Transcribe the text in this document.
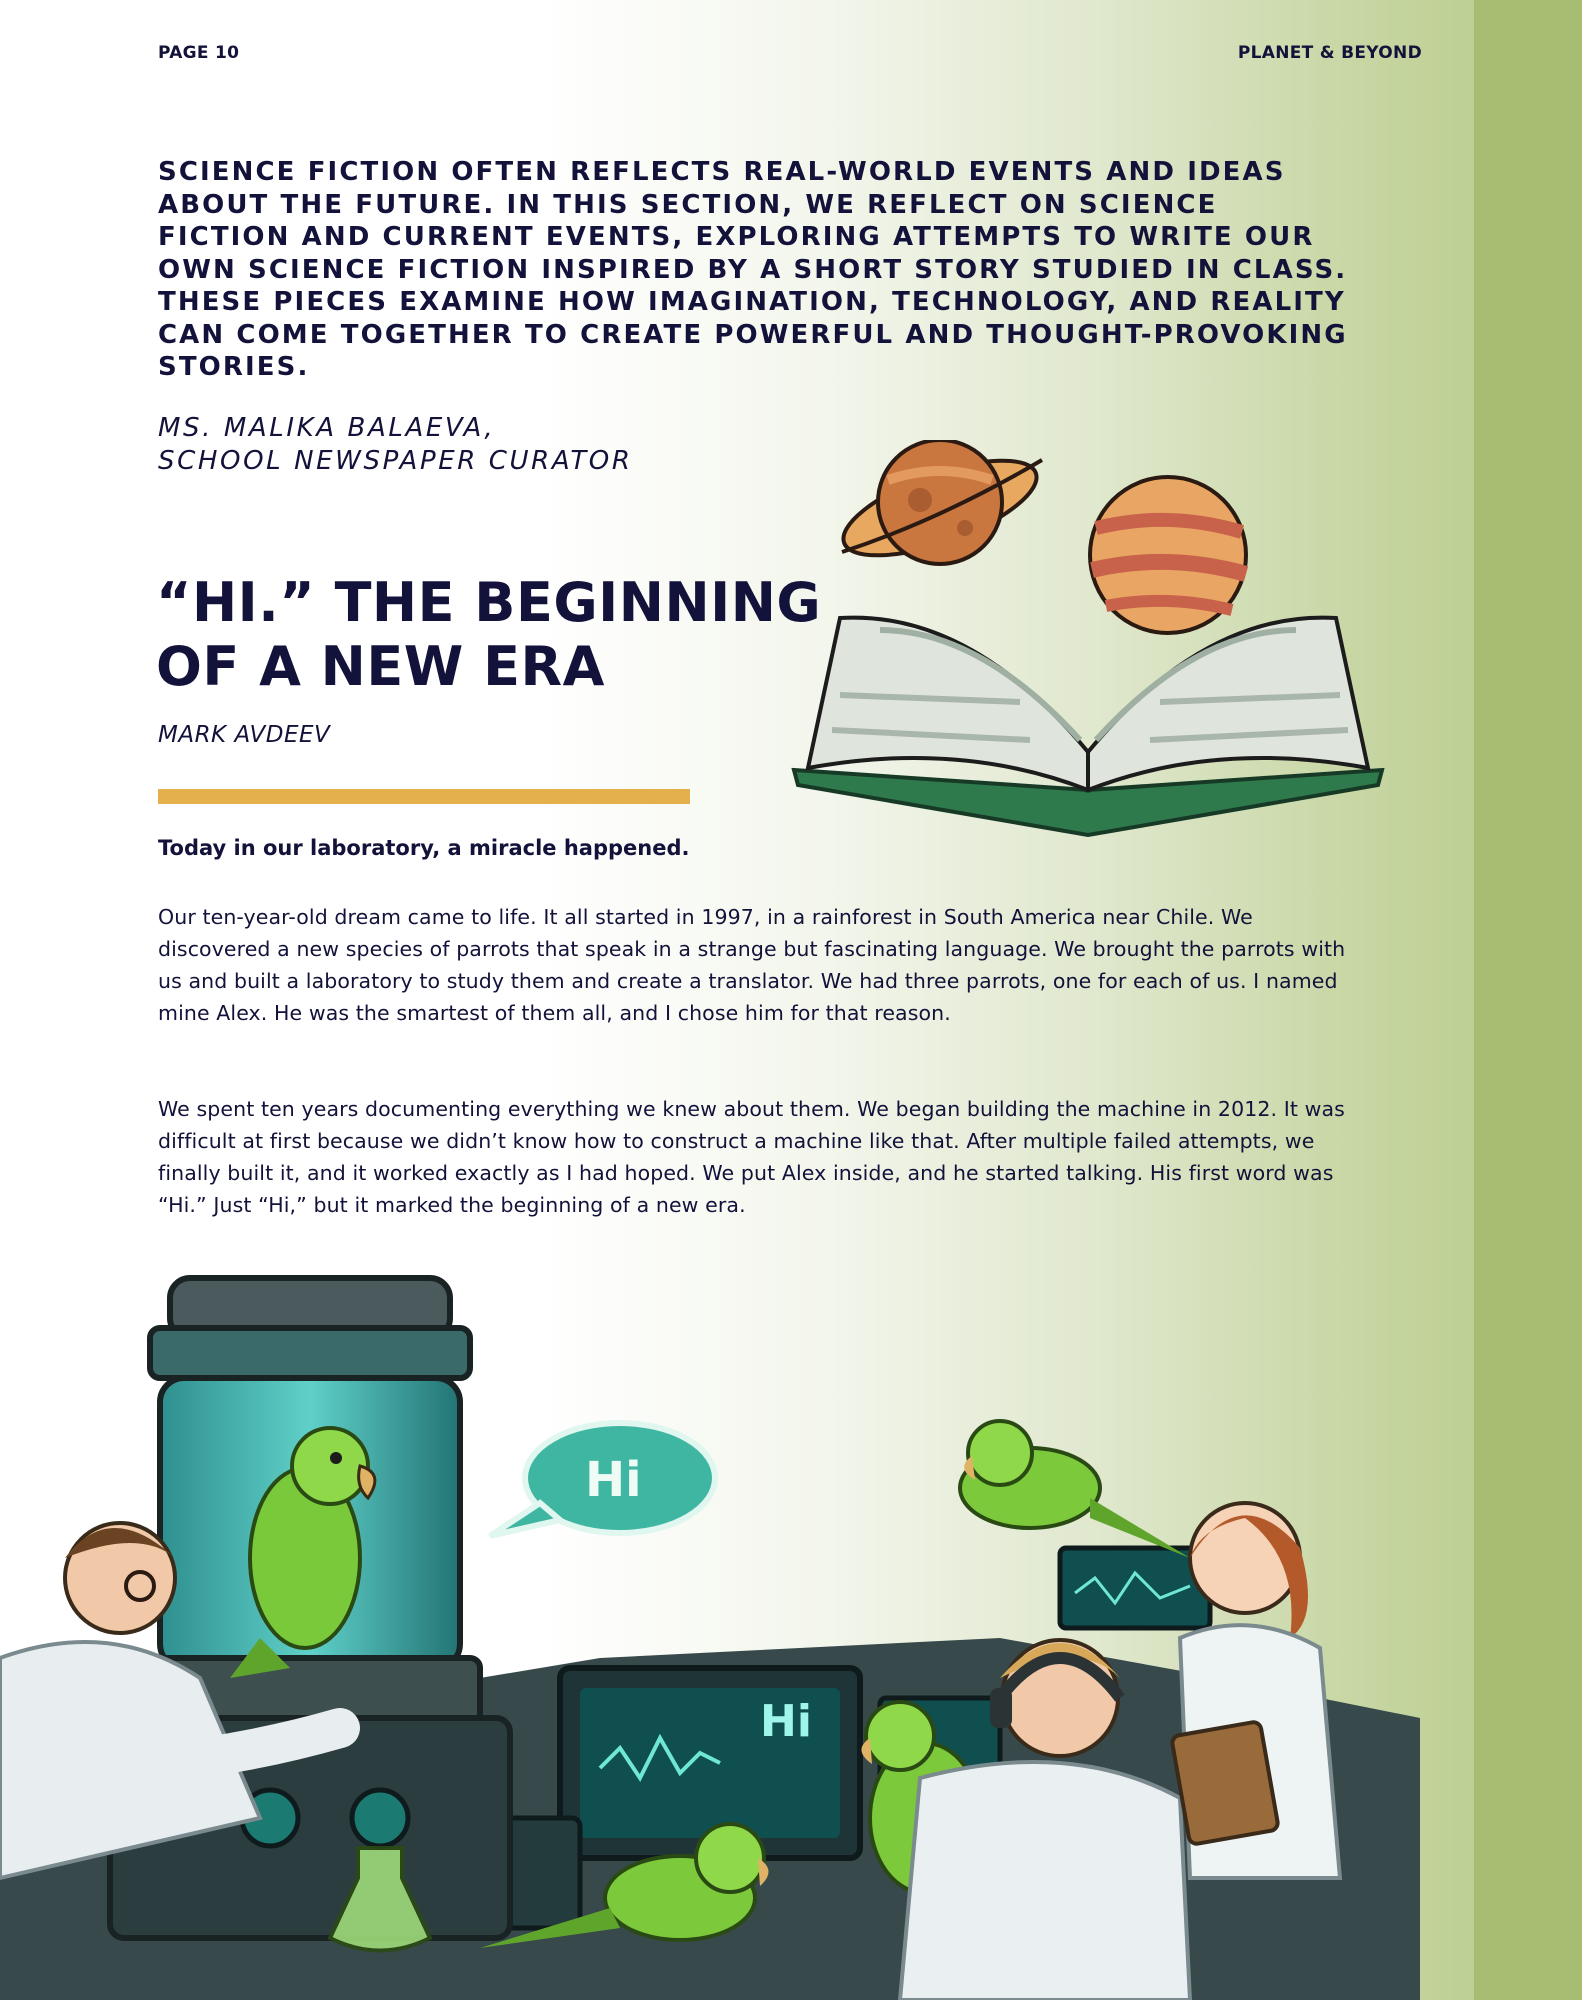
PAGE 10	PLANET & BEYOND

SCIENCE FICTION OFTEN REFLECTS REAL-WORLD EVENTS AND IDEAS ABOUT THE FUTURE. IN THIS SECTION, WE REFLECT ON SCIENCE FICTION AND CURRENT EVENTS, EXPLORING ATTEMPTS TO WRITE OUR OWN SCIENCE FICTION INSPIRED BY A SHORT STORY STUDIED IN CLASS. THESE PIECES EXAMINE HOW IMAGINATION, TECHNOLOGY, AND REALITY CAN COME TOGETHER TO CREATE POWERFUL AND THOUGHT-PROVOKING STORIES.

MS. MALIKA BALAEVA,
SCHOOL NEWSPAPER CURATOR
“HI.” THE BEGINNING
OF A NEW ERA
MARK AVDEEV
Today in our laboratory, a miracle happened.

Our ten-year-old dream came to life. It all started in 1997, in a rainforest in South America near Chile. We discovered a new species of parrots that speak in a strange but fascinating language. We brought the parrots with us and built a laboratory to study them and create a translator. We had three parrots, one for each of us. I named mine Alex. He was the smartest of them all, and I chose him for that reason.

We spent ten years documenting everything we knew about them. We began building the machine in 2012. It was difficult at first because we didn’t know how to construct a machine like that. After multiple failed attempts, we finally built it, and it worked exactly as I had hoped. We put Alex inside, and he started talking. His first word was “Hi.” Just “Hi,” but it marked the beginning of a new era.

Hi
Hi
